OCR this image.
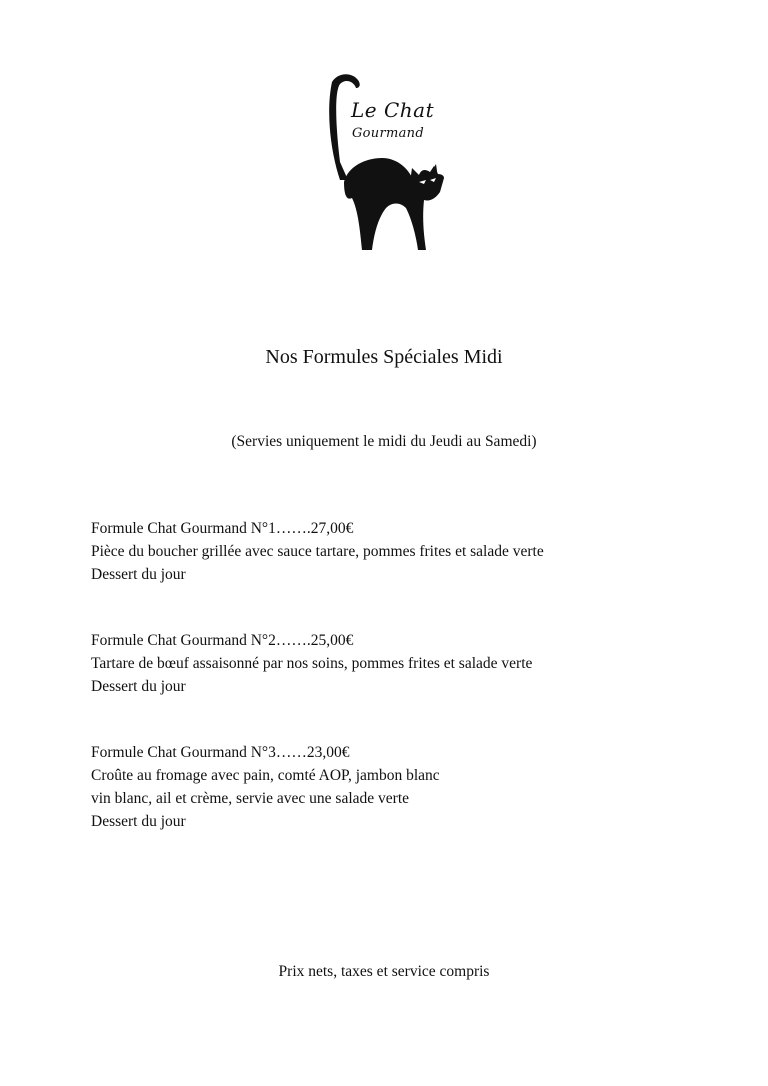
Le Chat
Gourmand
Nos Formules Spéciales Midi
(Servies uniquement le midi du Jeudi au Samedi)
Formule Chat Gourmand N°1…….27,00€
Pièce du boucher grillée avec sauce tartare, pommes frites et salade verte
Dessert du jour
Formule Chat Gourmand N°2…….25,00€
Tartare de bœuf assaisonné par nos soins, pommes frites et salade verte
Dessert du jour
Formule Chat Gourmand N°3……23,00€
Croûte au fromage avec pain, comté AOP, jambon blanc
vin blanc, ail et crème, servie avec une salade verte
Dessert du jour
Prix nets, taxes et service compris
